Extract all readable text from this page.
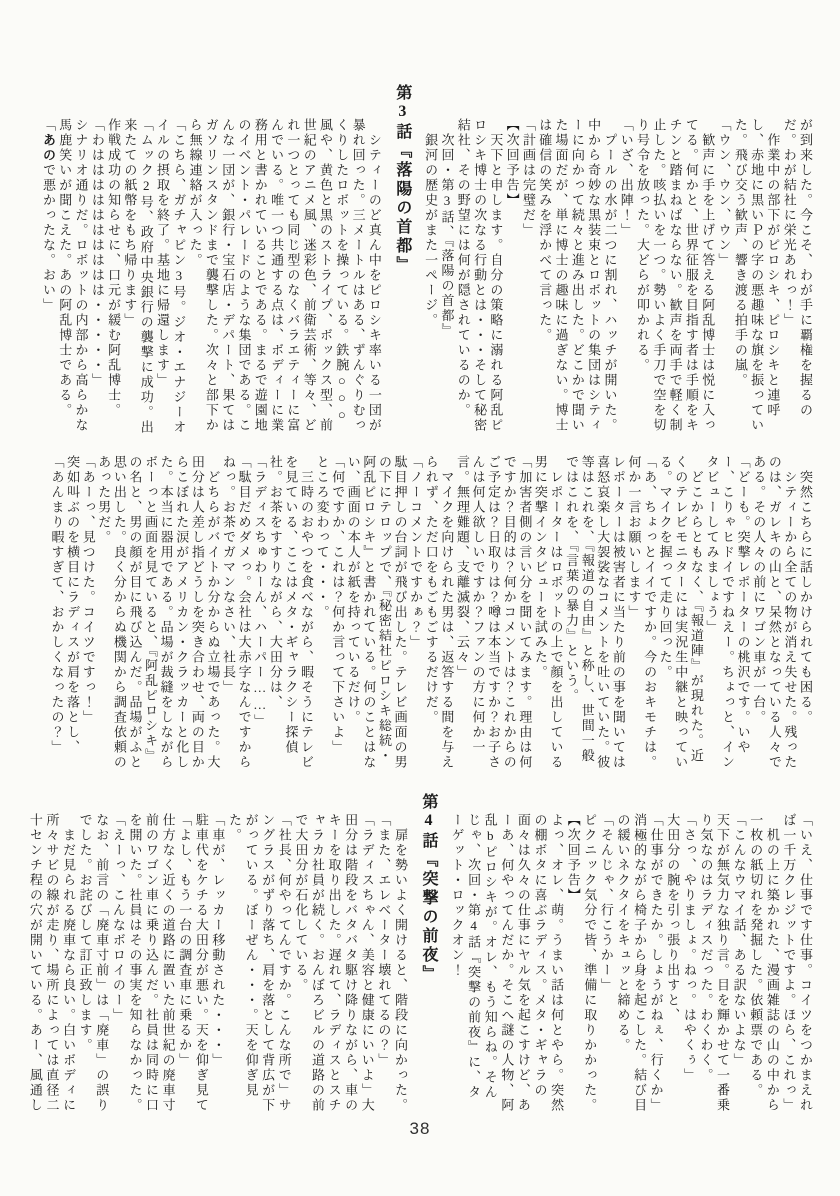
が到来した。今こそ、わが手に覇権を握るのだ。わが結社に栄光あれっ！」

　作業中の部下がピロシキ、ピロシキと連呼し、赤地に黒いＰの字の悪趣味な旗を振っていた。飛び交う歓声、響き渡る拍手の嵐。

「ウン、ウン、ウン」

　歓声に手を上げて答える阿乱博士は悦に入ってる。何かと、世界征服を目指す者は手順をキチンと踏まねばならない。歓声を両手で軽く制止した。咳払いを一つ。勢いよく手刀で空を切り号令を放った。大どらが叩かれる。

「いざ、出陣！」

　プールの水が二つに割れ、ハッチが開いた。中から奇妙な黒装束とロボットの集団はシティーに向かって続々と進み出した。どこかで聞いた場面だが、単に博士の趣味に過ぎない。博士は確信の笑みを浮かべて言った。

「計画は完璧だ」

【次回予告】

　天下と申します。自分の策略に溺れる阿乱ピロシキ博士の次なる行動とは・・・そして秘密結社、その野望には何が隠されているのか。

　次回・第3話、『落陽の首都』

　銀河の歴史がまた一ページ。

第3話『落陽の首都』

　シティーのど真ん中をピロシキ率いる一団が暴れ回った。三メートルはある、ずんぐりむっくりしたロボットを操っている。鉄腕○○○風や、黄色と黒のストライプ、ボックス型、前世紀のアニメ風、迷彩色、前衛芸術、等々、どれ一つとっても同じ型のなくバラエティーに富んでいる。唯一つ共通する点は、ボディーに業務用と書かれていることである。まるで遊園地のイベント・パレードのような集団である。こんな一団が、銀行・宝石店・デパート、果てはガソリンスタンドまで襲撃した。次々と部下から無線連絡が入った。

「こちら、ガチャピン3号。ジオ・エナジーオイルの摂取を終了。基地に帰還します」

「ムック2号、政府中央銀行の襲撃に成功。出来たての紙幣をもち帰ります」

作戦成功の知らせに、口元が緩む阿乱博士。

「わはははははははははは・・・・・」

シナリオ通りだ。ロボットの内部から高らかな馬鹿笑いが聞こえた。あの阿乱博士である。

「あので悪かったな。おい」

　突然こちらに話しかけられても困る。

　シティーから全ての物が消え失せた。残ったのは、ガレキの山と、呆然となっている人々である。その人々の前にワゴン車が一台。

「どーも。突撃レポーターの桃沢です。いやー、こりゃヒドイですねえー。ちょっと、インタビューしてみましょう」

　どこからともなく、『報道陣』が現れた。近くのテレビモニターには実況生中継と映っている。マイクを握って走り回った。

「あ、ちょっとイイですか。今のおキモチは。何か一言お願いします」

レポーターは被害者に当たり前の事を聞いては喜怒哀楽し大袈裟なコメントを吐いていた。彼等はこれを、『報道の自由』と称し、世間一般ではこれを、『言葉の暴力』という。

　レポーターはロボットの上で顔を出している男に突撃インタビューを試みた。

「加害者側の言い分を聞いてみます。理由は何ですか？目的は？何かコメントは？これからのご予定は？日取りは？噂は本当ですか？お子さんは何人欲しいですか？ファンの方に何か一言。無理難題、支離滅裂、云々」

　マイクを向けられた男は、返答する間を与えられず、ただ口をもごもごするだけだ。

「ノーコメントですかぁ？」

駄目押しの台詞が飛び出した。テレビ画面の男の下にテロップで、『秘密結社ピロシキ総統・阿乱ピロシキ』と書かれている。何のことはない、画面の本人が紙を持っているだけ。

「何ですか、これは？何か言って下さいよ」

ところ変わって・・・。

　三時のおやつを食べながら、暇そうにテレビを見ている、ここはメタ・ギャラクシー探偵社。お茶をすすりながら、大田分は、

「ラディスちゅわーん、ハーパー……」

「駄目だめダメっ。会社は大赤字なんですからねっ。お茶でガマンなさい、社長」

　どちらがバイトか分からぬ立場であった。大田分は人差し指どうしを突き合わせ、両の目からこぼれた涙がアメリカン・クラッカーと化した。本当に器用である。品場が裁縫をしながらボーっと画面を見ていると、『阿乱ピロシキ』の名と、男の顔が目に飛び込んだ。品場がふと思い出した。良く分からぬ機関から調査依頼のあった男だ。

「あーっ、見つけた。コイツですっ！」

突如叫ぶのを横目にラディスが肩を落とし、

「あんまり暇すぎて、おかしくなったの？」

「いえ、仕事です仕事。コイツをつかまえれば一千万クレジットですよ。ほら、これっ」

　机の上に築かれた、漫画雑誌の山の中から一枚の紙切れを発掘した。依頼票である。

「こんなウマイ話、ある訳ないよな」

天下が無気力な独り言。目を輝かせて一番乗り気なのはラディスだった。わくわく。

「さっ、やりましょ。ねっ。はやくぅ」

大田分の腕を引っ張り出すと、

「仕事ができたか。しょうがねぇ、行くか」

消極的ながら椅子から身を起こした。結び目の緩いネクタイをキュッと締める。

「そんじゃ、行こうかー」

ピクニック気分で皆、準備に取りかかった。

【次回予告】

よっ、オレ、萌。うまい話は何とやら。突然の棚ボタに喜ぶラディス。メタ・ギャラの面々は久々の仕事にヤル気を起こすけど、あーあ、何やってんだか。そこへ謎の人物、阿乱bピロシキが。オレ、もう知らね。そんじゃ、次回・第4話『突撃の前夜』に、ターゲット・ロックオン！

第4話『突撃の前夜』

　扉を勢いよく開けると、階段に向かった。

「また、エレベーター壊れてるの？」

「ラディスちゃん、美容と健康にいいよ」大田分は階段をバタバタ駆け降りながら、車のキーを取り出した。遅れて、ラディスとスチャラカ社員が続く。おんぼろビルの道路の前で大田分が石化している。

「社長、何やってんですか。こんな所で」サングラスがずり落ち、肩を落として背広が下がっている。ぼーぜん・・・。天を仰ぎ見た。

「車が、レッカー移動された・・・」

駐車代をケチる大田分が悪い。天を仰ぎ見て

「よし、もう一台の調査車に乗るか」

仕方なく近くの道路に置いた前世紀の廃車寸前のワゴン車に乗り込んだ。社員は同時に口を開いた。社員はその事実を知らなかった。

「えーっ、こんなボロイのー」

なお、前言の「廃車寸前」は「廃車」の誤りでした。お詫びして訂正致します。

　まだ見られる廃車なら良い。白いボディに所々サビの線が走り、場所によっては直径二十センチ程の穴が開いている。あー、風通し

38
